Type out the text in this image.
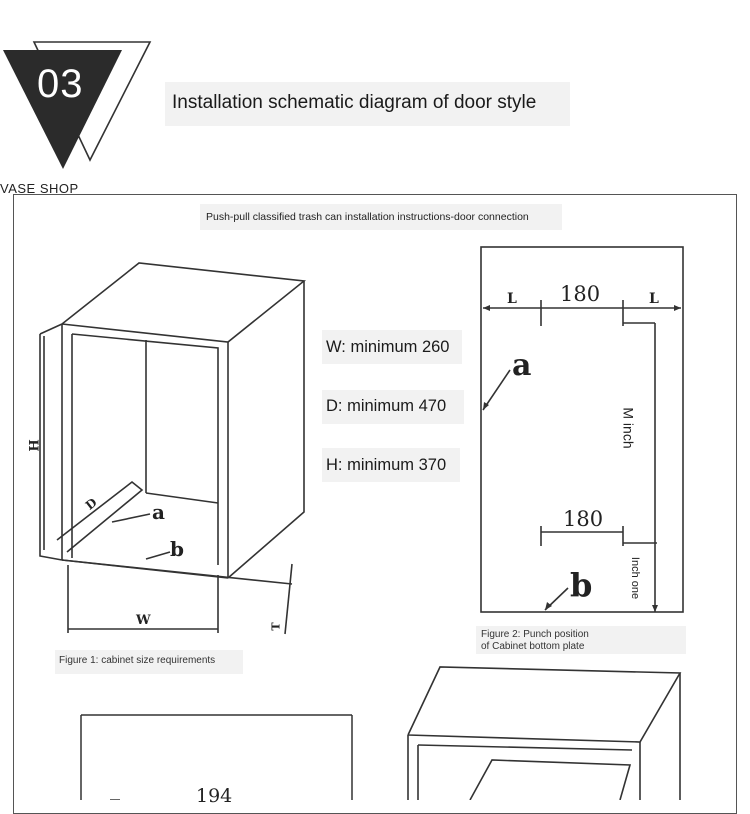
03	Installation schematic diagram of door style
VASE SHOP
Push-pull classified trash can installation instructions-door connection
H
W
D
T
a
b
Figure 1: cabinet size requirements
W: minimum 260
D: minimum 470
H: minimum 370
L 180	L
a
M inch
180
Inch one
b
Figure 2: Punch position
of Cabinet bottom plate
194
